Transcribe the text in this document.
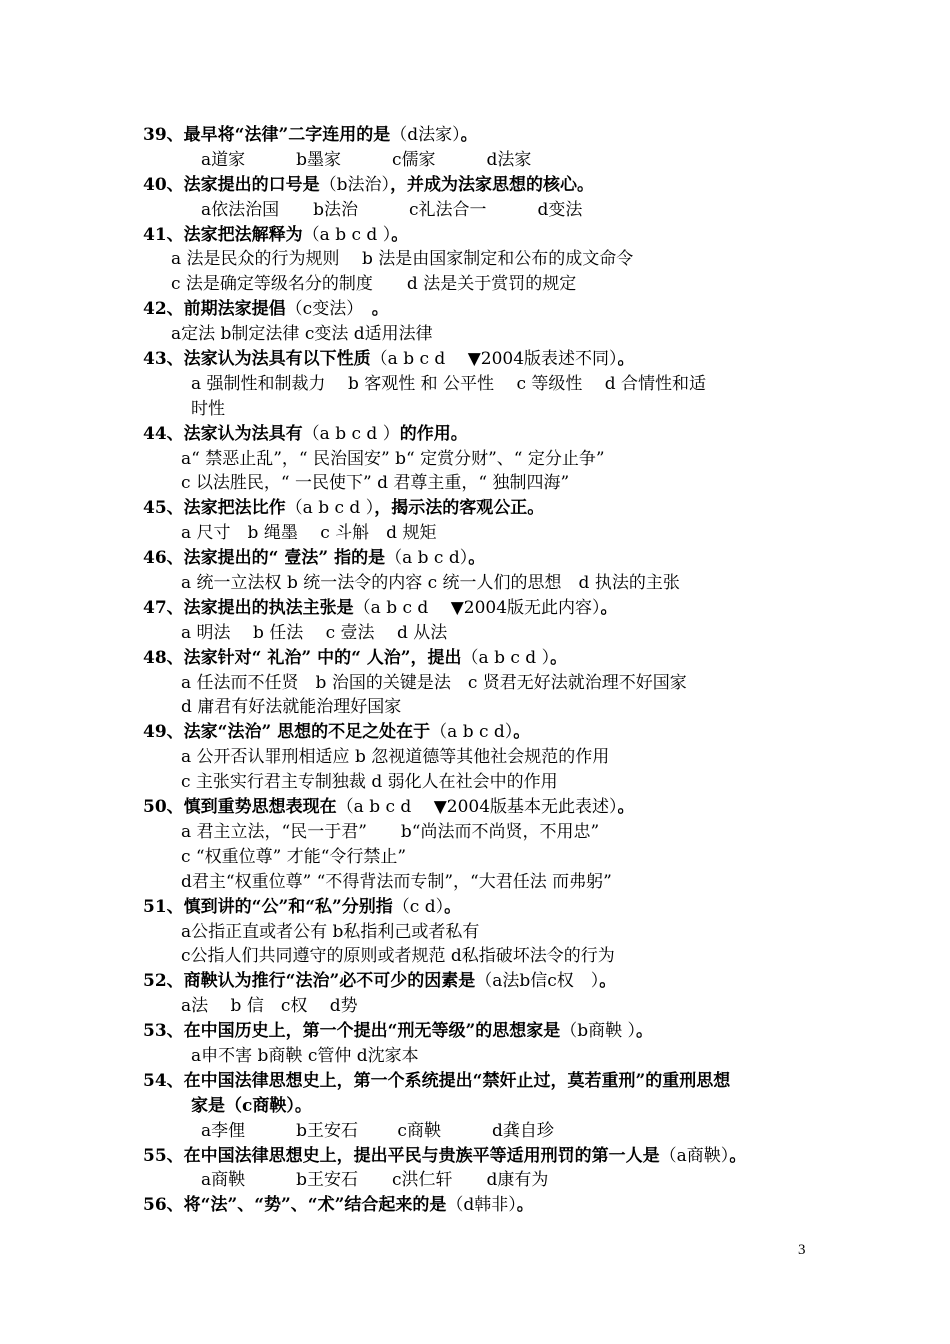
39、最早将“法律”二字连用的是（d法家）。
a道家　　　b墨家　　　c儒家　　　d法家
40、法家提出的口号是（b法治），并成为法家思想的核心。
a依法治国　　b法治　　　c礼法合一　　　d变法
41、法家把法解释为（a b c d ）。
a 法是民众的行为规则　 b 法是由国家制定和公布的成文命令
c 法是确定等级名分的制度　　d 法是关于赏罚的规定
42、前期法家提倡（c变法）　。
a定法 b制定法律 c变法 d适用法律
43、法家认为法具有以下性质（a b c d　 ▼2004版表述不同）。
a 强制性和制裁力　 b 客观性 和 公平性　 c 等级性　 d 合情性和适
时性
44、法家认为法具有（a b c d ）的作用。
a“ 禁恶止乱”，“ 民治国安” b“ 定赏分财”、“ 定分止争”
c 以法胜民，“ 一民使下” d 君尊主重，“ 独制四海”
45、法家把法比作（a b c d ），揭示法的客观公正。
a 尺寸　b 绳墨　 c 斗斛　d 规矩
46、法家提出的“ 壹法” 指的是（a b c d）。
a 统一立法权 b 统一法令的内容 c 统一人们的思想　d 执法的主张
47、法家提出的执法主张是（a b c d　 ▼2004版无此内容）。
a 明法　 b 任法　 c 壹法　 d 从法
48、法家针对“ 礼治” 中的“ 人治”，提出（a b c d ）。
a 任法而不任贤　b 治国的关键是法　c 贤君无好法就治理不好国家
d 庸君有好法就能治理好国家
49、法家“法治” 思想的不足之处在于（a b c d）。
a 公开否认罪刑相适应 b 忽视道德等其他社会规范的作用
c 主张实行君主专制独裁 d 弱化人在社会中的作用
50、慎到重势思想表现在（a b c d　 ▼2004版基本无此表述）。
a 君主立法，“民一于君”　　b“尚法而不尚贤，不用忠”
c “权重位尊” 才能“令行禁止”
d君主“权重位尊” “不得背法而专制”，“大君任法 而弗躬”
51、慎到讲的“公”和“私”分别指（c d）。
a公指正直或者公有 b私指利己或者私有
c公指人们共同遵守的原则或者规范 d私指破坏法令的行为
52、商鞅认为推行“法治”必不可少的因素是（a法b信c权　）。
a法　 b 信　c权　 d势
53、在中国历史上，第一个提出“刑无等级”的思想家是（b商鞅 ）。
a申不害 b商鞅 c管仲 d沈家本
54、在中国法律思想史上，第一个系统提出“禁奸止过，莫若重刑”的重刑思想
家是（c商鞅）。
a李俚　　　b王安石　　 c商鞅　　　d龚自珍
55、在中国法律思想史上，提出平民与贵族平等适用刑罚的第一人是（a商鞅）。
a商鞅　　　b王安石　　c洪仁轩　　d康有为
56、将“法”、“势”、“术”结合起来的是（d韩非）。
3
